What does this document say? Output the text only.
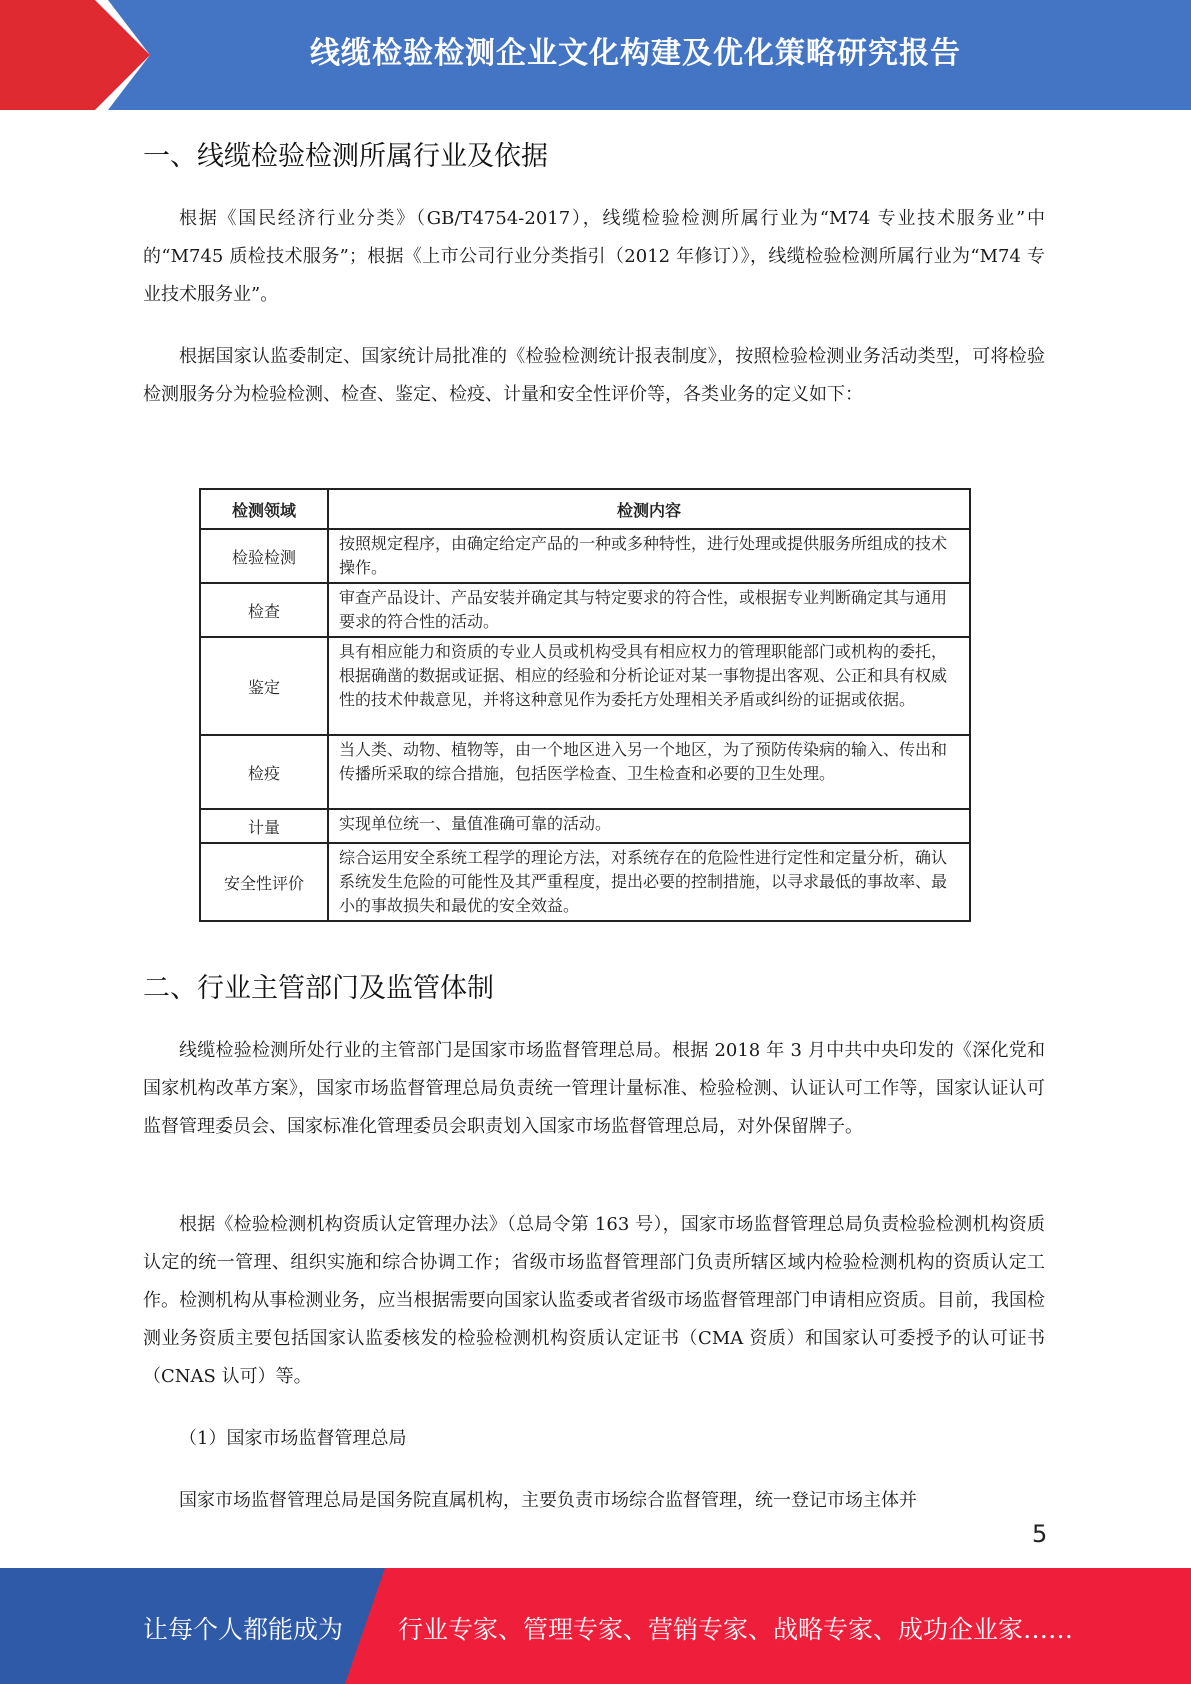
线缆检验检测企业文化构建及优化策略研究报告
一、线缆检验检测所属行业及依据

根据《国民经济行业分类》（GB/T4754-2017），线缆检验检测所属行业为“M74 专业技术服务业”中的“M745 质检技术服务”；根据《上市公司行业分类指引（2012 年修订）》，线缆检验检测所属行业为“M74 专业技术服务业”。

根据国家认监委制定、国家统计局批准的《检验检测统计报表制度》，按照检验检测业务活动类型，可将检验检测服务分为检验检测、检查、鉴定、检疫、计量和安全性评价等，各类业务的定义如下：

检测领域	检测内容
检验检测	按照规定程序，由确定给定产品的一种或多种特性，进行处理或提供服务所组成的技术操作。
检查	审查产品设计、产品安装并确定其与特定要求的符合性，或根据专业判断确定其与通用要求的符合性的活动。
鉴定	具有相应能力和资质的专业人员或机构受具有相应权力的管理职能部门或机构的委托，根据确凿的数据或证据、相应的经验和分析论证对某一事物提出客观、公正和具有权威性的技术仲裁意见，并将这种意见作为委托方处理相关矛盾或纠纷的证据或依据。
检疫	当人类、动物、植物等，由一个地区进入另一个地区，为了预防传染病的输入、传出和传播所采取的综合措施，包括医学检查、卫生检查和必要的卫生处理。
计量	实现单位统一、量值准确可靠的活动。
安全性评价	综合运用安全系统工程学的理论方法，对系统存在的危险性进行定性和定量分析，确认系统发生危险的可能性及其严重程度，提出必要的控制措施，以寻求最低的事故率、最小的事故损失和最优的安全效益。
二、行业主管部门及监管体制

线缆检验检测所处行业的主管部门是国家市场监督管理总局。根据 2018 年 3 月中共中央印发的《深化党和国家机构改革方案》，国家市场监督管理总局负责统一管理计量标准、检验检测、认证认可工作等，国家认证认可监督管理委员会、国家标准化管理委员会职责划入国家市场监督管理总局，对外保留牌子。

根据《检验检测机构资质认定管理办法》（总局令第 163 号），国家市场监督管理总局负责检验检测机构资质认定的统一管理、组织实施和综合协调工作；省级市场监督管理部门负责所辖区域内检验检测机构的资质认定工作。检测机构从事检测业务，应当根据需要向国家认监委或者省级市场监督管理部门申请相应资质。目前，我国检测业务资质主要包括国家认监委核发的检验检测机构资质认定证书（CMA 资质）和国家认可委授予的认可证书（CNAS 认可）等。

（1）国家市场监督管理总局

国家市场监督管理总局是国务院直属机构，主要负责市场综合监督管理，统一登记市场主体并

5
让每个人都能成为 行业专家、管理专家、营销专家、战略专家、成功企业家……
